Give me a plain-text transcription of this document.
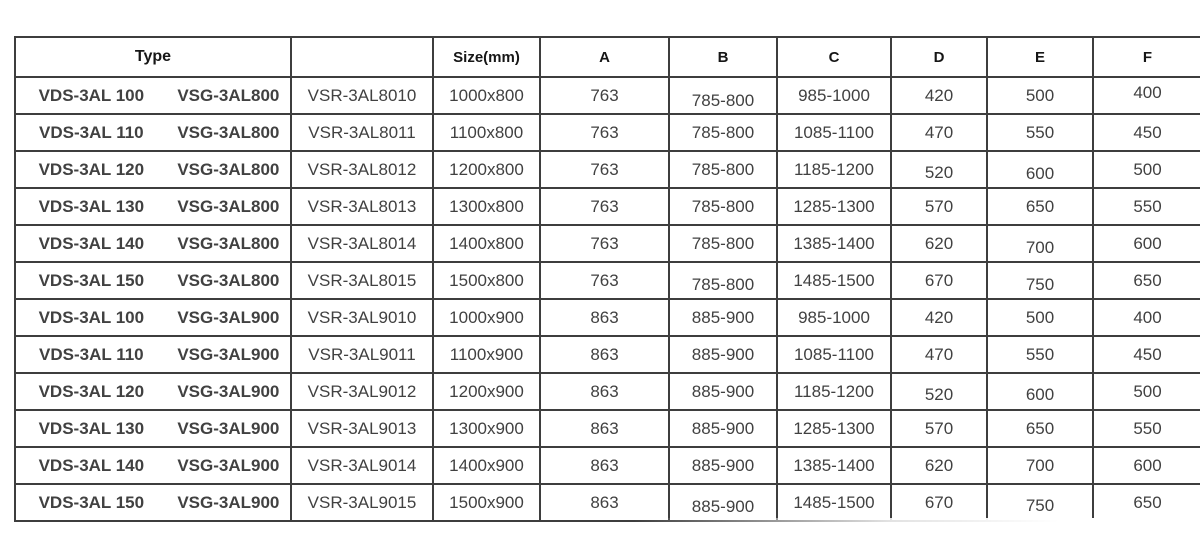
Type		Size(mm)	A	B	C	D	E	F
VDS-3AL 100 VSG-3AL800	VSR-3AL8010	1000x800	763	785-800	985-1000	420	500	400
VDS-3AL 110 VSG-3AL800	VSR-3AL8011	1100x800	763	785-800	1085-1100	470	550	450
VDS-3AL 120 VSG-3AL800	VSR-3AL8012	1200x800	763	785-800	1185-1200	520	600	500
VDS-3AL 130 VSG-3AL800	VSR-3AL8013	1300x800	763	785-800	1285-1300	570	650	550
VDS-3AL 140 VSG-3AL800	VSR-3AL8014	1400x800	763	785-800	1385-1400	620	700	600
VDS-3AL 150 VSG-3AL800	VSR-3AL8015	1500x800	763	785-800	1485-1500	670	750	650
VDS-3AL 100 VSG-3AL900	VSR-3AL9010	1000x900	863	885-900	985-1000	420	500	400
VDS-3AL 110 VSG-3AL900	VSR-3AL9011	1100x900	863	885-900	1085-1100	470	550	450
VDS-3AL 120 VSG-3AL900	VSR-3AL9012	1200x900	863	885-900	1185-1200	520	600	500
VDS-3AL 130 VSG-3AL900	VSR-3AL9013	1300x900	863	885-900	1285-1300	570	650	550
VDS-3AL 140 VSG-3AL900	VSR-3AL9014	1400x900	863	885-900	1385-1400	620	700	600
VDS-3AL 150 VSG-3AL900	VSR-3AL9015	1500x900	863	885-900	1485-1500	670	750	650
